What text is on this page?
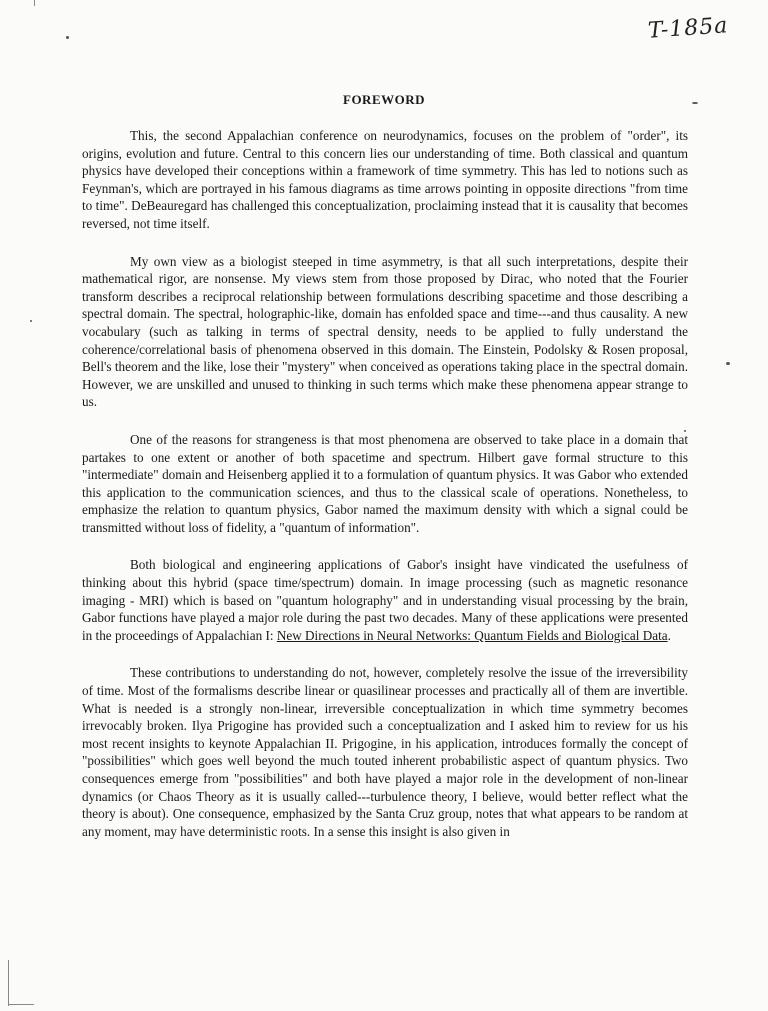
T-185a
FOREWORD

This, the second Appalachian conference on neurodynamics, focuses on the problem of "order", its origins, evolution and future. Central to this concern lies our understanding of time. Both classical and quantum physics have developed their conceptions within a framework of time symmetry. This has led to notions such as Feynman's, which are portrayed in his famous diagrams as time arrows pointing in opposite directions "from time to time". DeBeauregard has challenged this conceptualization, proclaiming instead that it is causality that becomes reversed, not time itself.

My own view as a biologist steeped in time asymmetry, is that all such interpretations, despite their mathematical rigor, are nonsense. My views stem from those proposed by Dirac, who noted that the Fourier transform describes a reciprocal relationship between formulations describing spacetime and those describing a spectral domain. The spectral, holographic-like, domain has enfolded space and time---and thus causality. A new vocabulary (such as talking in terms of spectral density, needs to be applied to fully understand the coherence/correlational basis of phenomena observed in this domain. The Einstein, Podolsky & Rosen proposal, Bell's theorem and the like, lose their "mystery" when conceived as operations taking place in the spectral domain. However, we are unskilled and unused to thinking in such terms which make these phenomena appear strange to us.

One of the reasons for strangeness is that most phenomena are observed to take place in a domain that partakes to one extent or another of both spacetime and spectrum. Hilbert gave formal structure to this "intermediate" domain and Heisenberg applied it to a formulation of quantum physics. It was Gabor who extended this application to the communication sciences, and thus to the classical scale of operations. Nonetheless, to emphasize the relation to quantum physics, Gabor named the maximum density with which a signal could be transmitted without loss of fidelity, a "quantum of information".

Both biological and engineering applications of Gabor's insight have vindicated the usefulness of thinking about this hybrid (space time/spectrum) domain. In image processing (such as magnetic resonance imaging - MRI) which is based on "quantum holography" and in understanding visual processing by the brain, Gabor functions have played a major role during the past two decades. Many of these applications were presented in the proceedings of Appalachian I: New Directions in Neural Networks: Quantum Fields and Biological Data.

These contributions to understanding do not, however, completely resolve the issue of the irreversibility of time. Most of the formalisms describe linear or quasilinear processes and practically all of them are invertible. What is needed is a strongly non-linear, irreversible conceptualization in which time symmetry becomes irrevocably broken. Ilya Prigogine has provided such a conceptualization and I asked him to review for us his most recent insights to keynote Appalachian II. Prigogine, in his application, introduces formally the concept of "possibilities" which goes well beyond the much touted inherent probabilistic aspect of quantum physics. Two consequences emerge from "possibilities" and both have played a major role in the development of non-linear dynamics (or Chaos Theory as it is usually called---turbulence theory, I believe, would better reflect what the theory is about). One consequence, emphasized by the Santa Cruz group, notes that what appears to be random at any moment, may have deterministic roots. In a sense this insight is also given in
